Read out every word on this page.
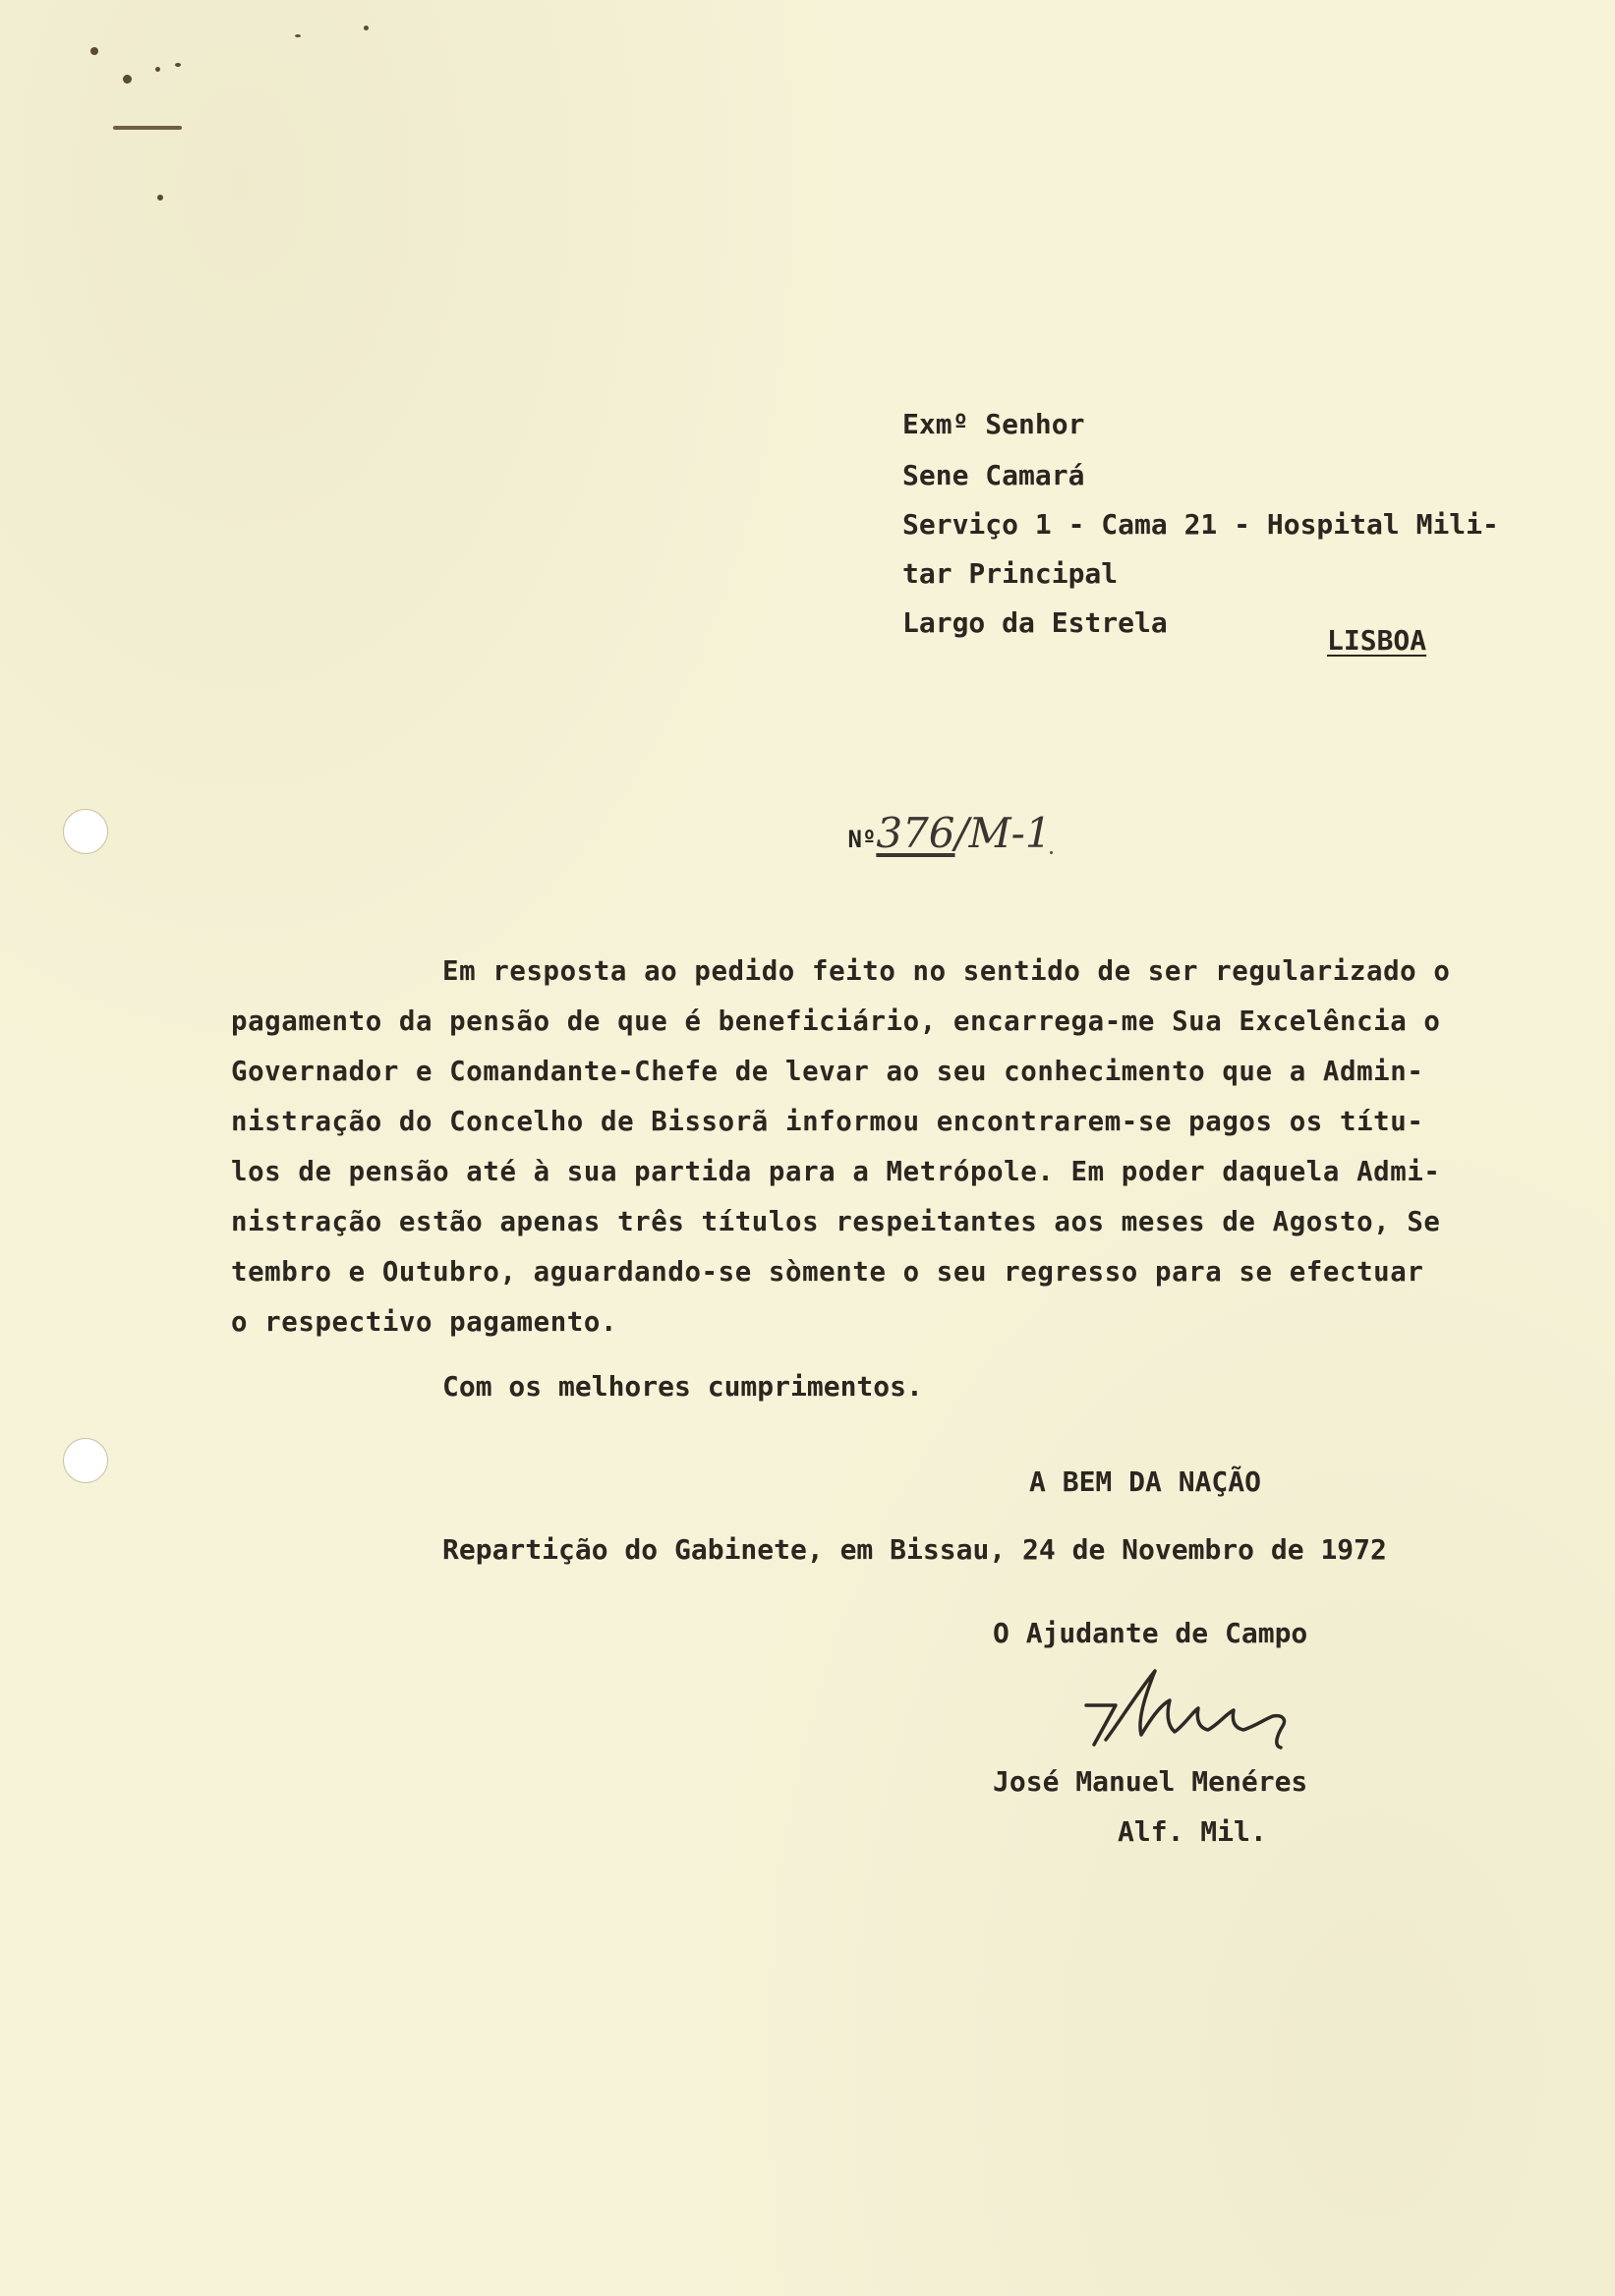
Exmº Senhor
Sene Camará
Serviço 1 - Cama 21 - Hospital Mili-
tar Principal
Largo da Estrela
LISBOA

Nº376/M-1

Em resposta ao pedido feito no sentido de ser regularizado o
pagamento da pensão de que é beneficiário, encarrega-me Sua Excelência o
Governador e Comandante-Chefe de levar ao seu conhecimento que a Admin-
nistração do Concelho de Bissorã informou encontrarem-se pagos os títu-
los de pensão até à sua partida para a Metrópole. Em poder daquela Admi-
nistração estão apenas três títulos respeitantes aos meses de Agosto, Se
tembro e Outubro, aguardando-se sòmente o seu regresso para se efectuar
o respectivo pagamento.
Com os melhores cumprimentos.
A BEM DA NAÇÃO
Repartição do Gabinete, em Bissau, 24 de Novembro de 1972
O Ajudante de Campo
José Manuel Menéres
Alf. Mil.
